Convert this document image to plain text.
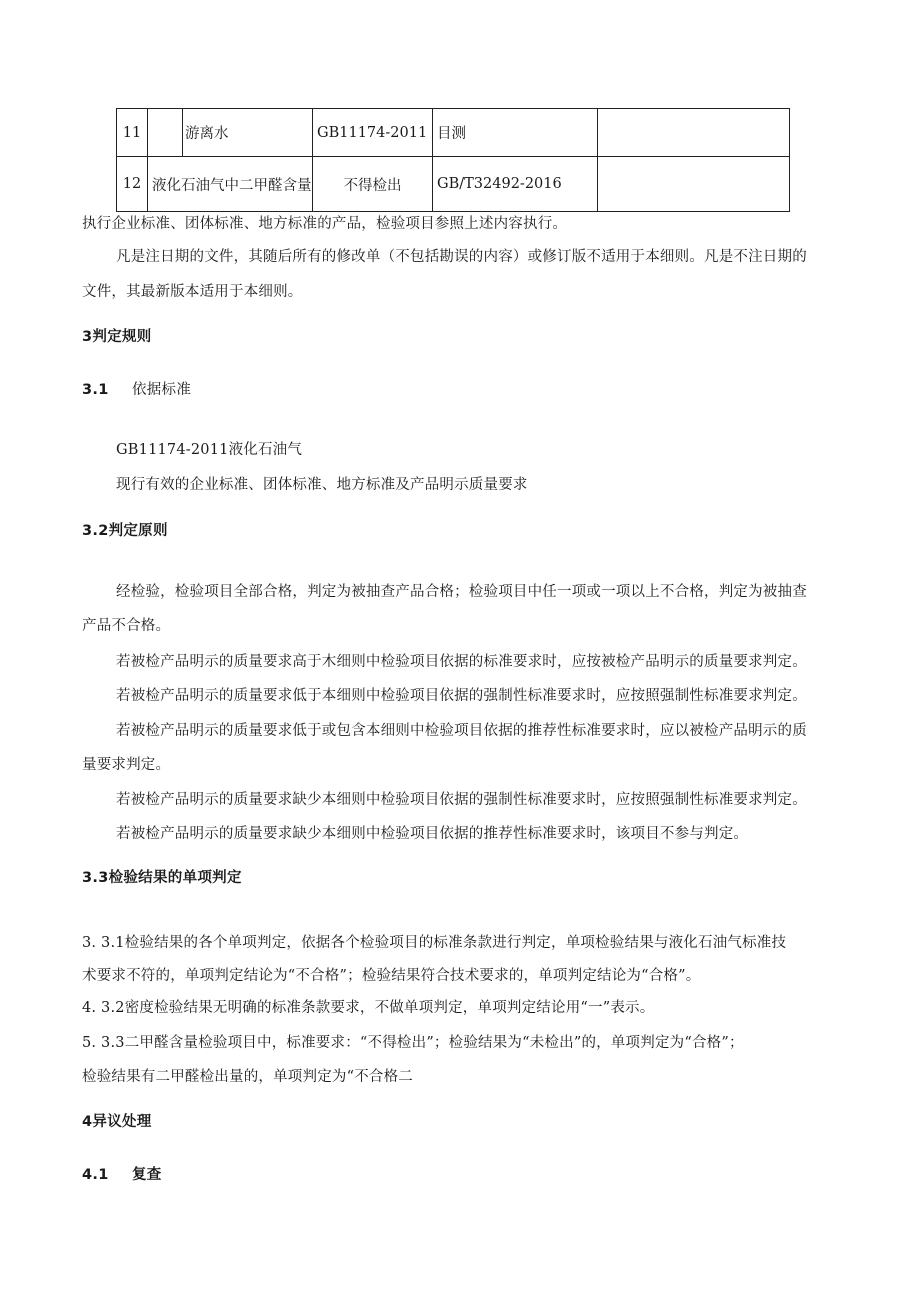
11	游离水	GB11174-2011	目测	
12	液化石油气中二甲醛含量	不得检出	GB/T32492-2016	
执行企业标准、团体标准、地方标准的产品，检验项目参照上述内容执行。
凡是注日期的文件，其随后所有的修改单（不包括勘误的内容）或修订版不适用于本细则。凡是不注日期的
文件，其最新版本适用于本细则。
3判定规则
3.1 依据标准
GB11174-2011液化石油气
现行有效的企业标准、团体标准、地方标准及产品明示质量要求
3.2判定原则
经检验，检验项目全部合格，判定为被抽查产品合格；检验项目中任一项或一项以上不合格，判定为被抽查
产品不合格。
若被检产品明示的质量要求高于木细则中检验项目依据的标准要求时，应按被检产品明示的质量要求判定。
若被检产品明示的质量要求低于本细则中检验项目依据的强制性标准要求时，应按照强制性标准要求判定。
若被检产品明示的质量要求低于或包含本细则中检验项目依据的推荐性标准要求时，应以被检产品明示的质
量要求判定。
若被检产品明示的质量要求缺少本细则中检验项目依据的强制性标准要求时，应按照强制性标准要求判定。
若被检产品明示的质量要求缺少本细则中检验项目依据的推荐性标准要求时，该项目不参与判定。
3.3检验结果的单项判定
3. 3.1检验结果的各个单项判定，依据各个检验项目的标准条款进行判定，单项检验结果与液化石油气标准技
术要求不符的，单项判定结论为“不合格”；检验结果符合技术要求的，单项判定结论为“合格”。
4. 3.2密度检验结果无明确的标准条款要求，不做单项判定，单项判定结论用“一”表示。
5. 3.3二甲醛含量检验项目中，标准要求：“不得检出”；检验结果为“未检出”的，单项判定为“合格”；
检验结果有二甲醛检出量的，单项判定为“不合格二
4异议处理
4.1 复查
